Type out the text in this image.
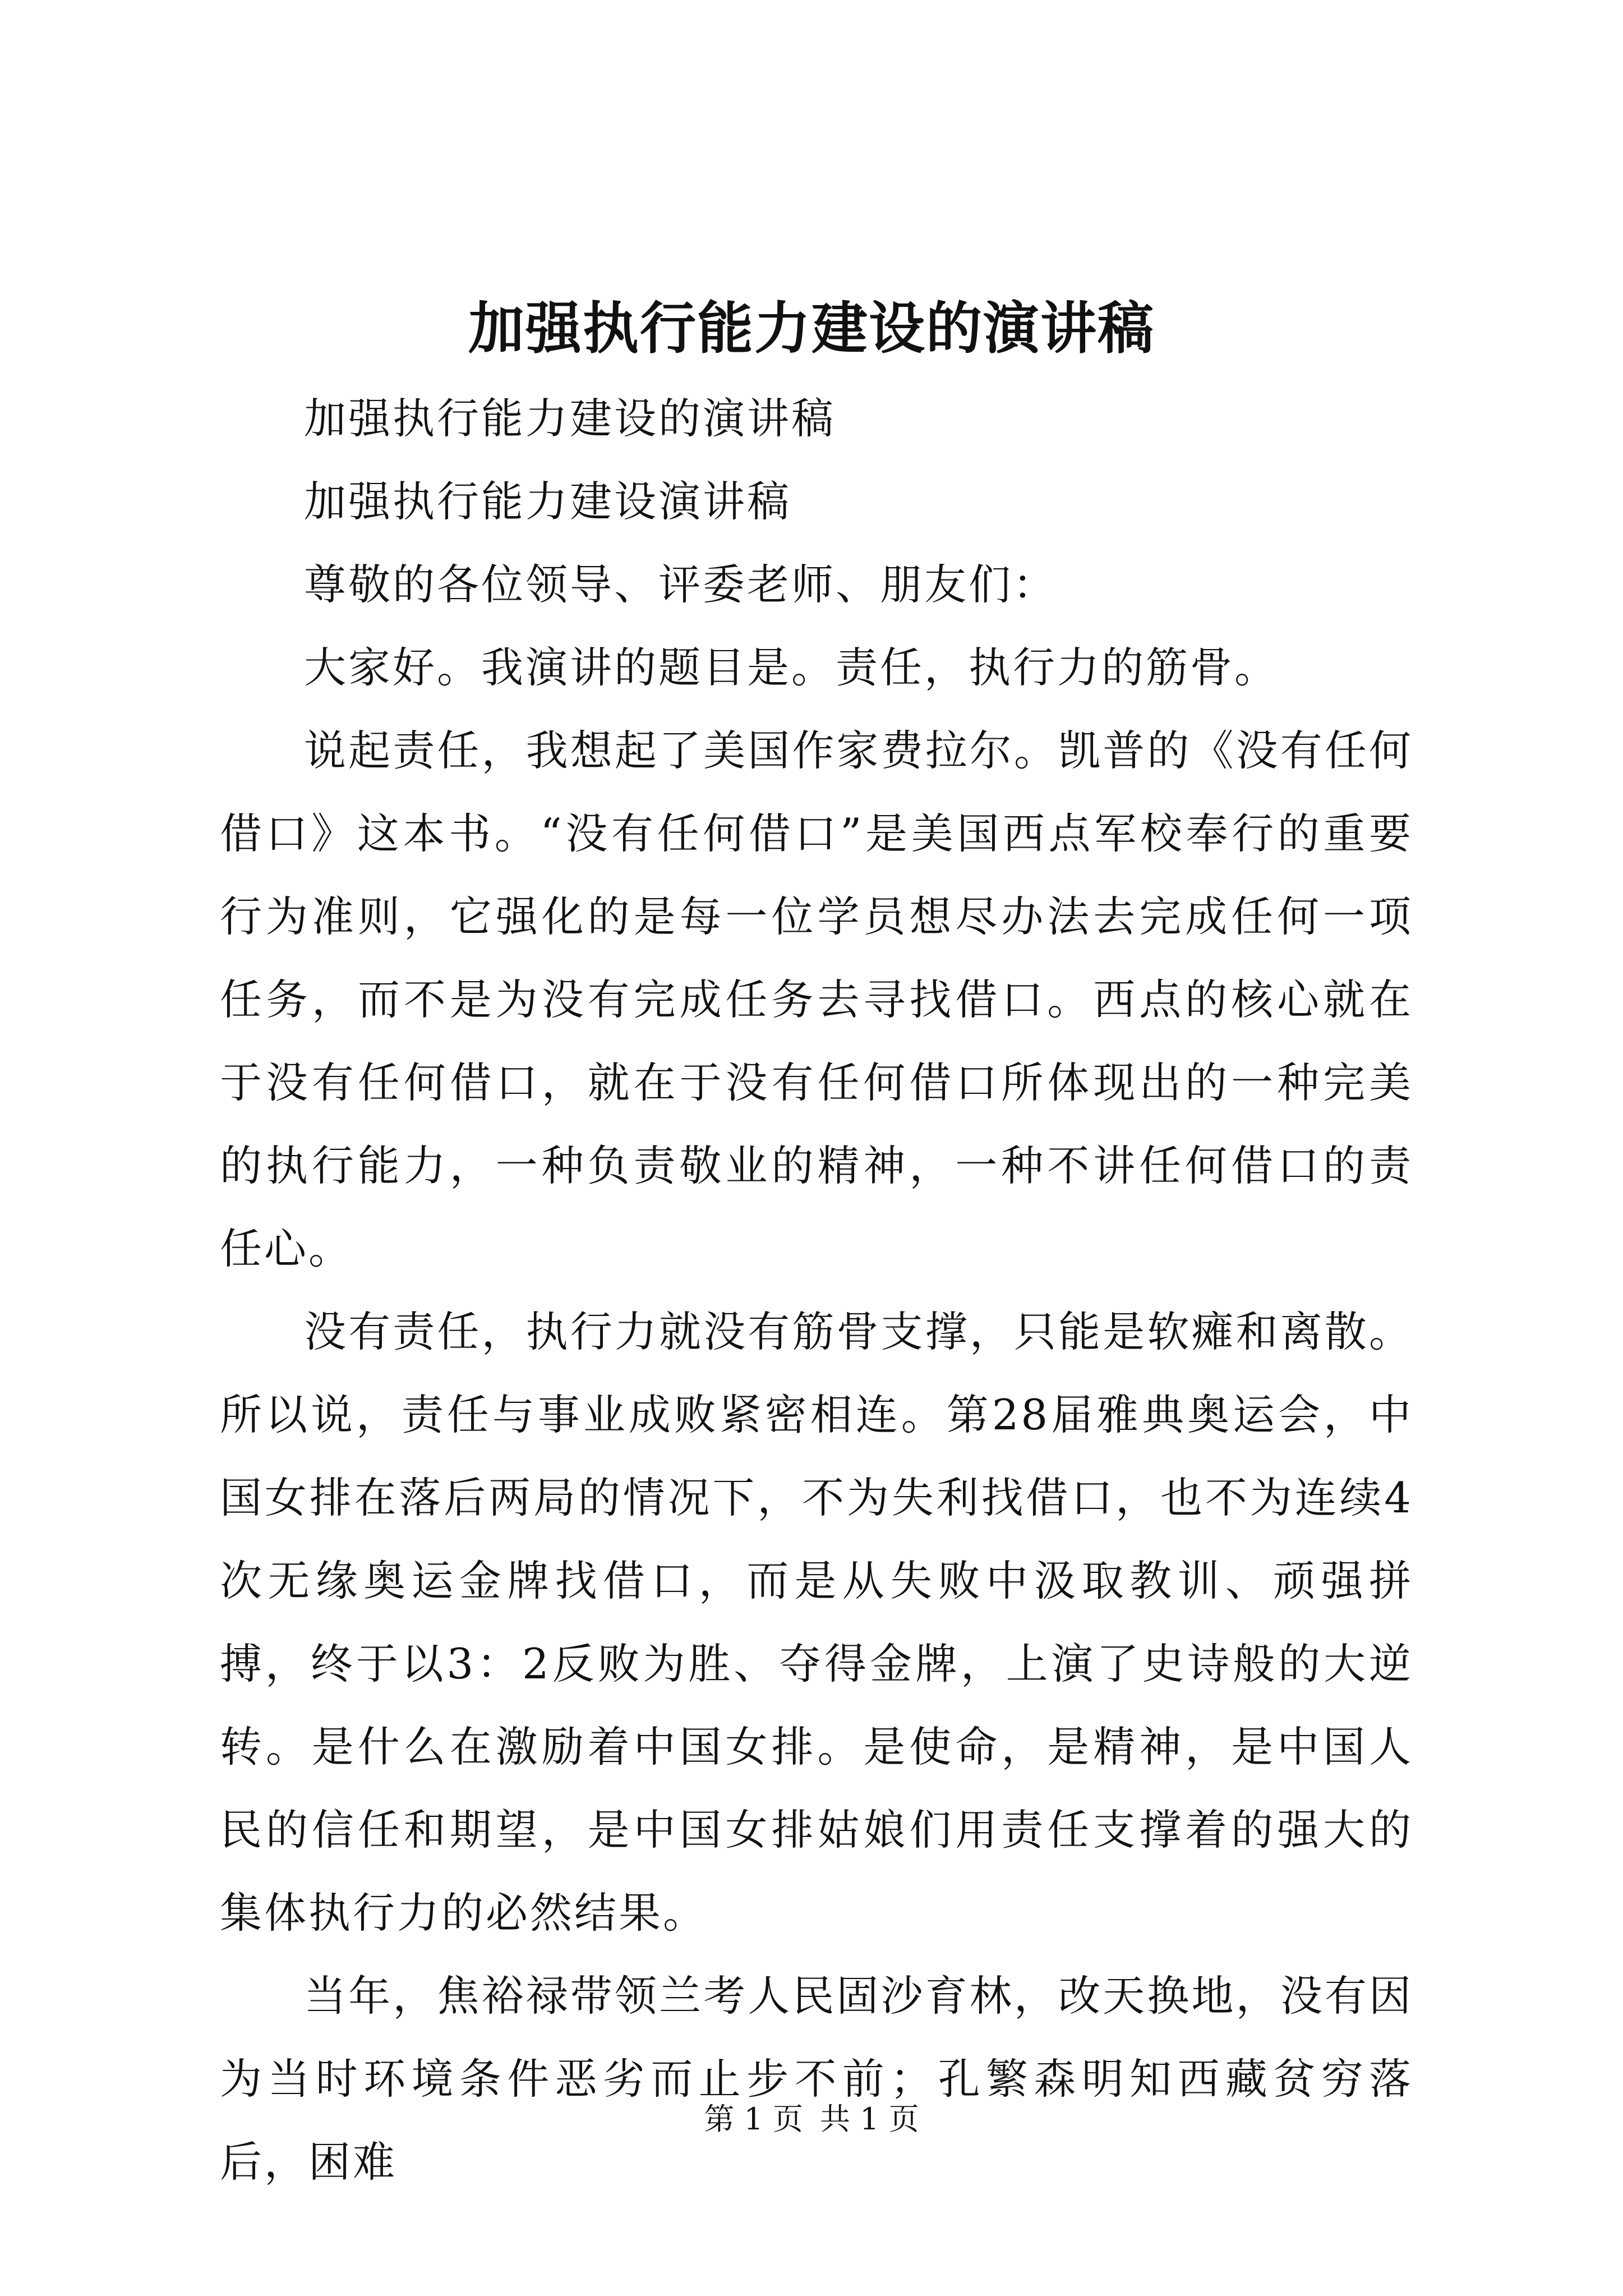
加强执行能力建设的演讲稿

加强执行能力建设的演讲稿

加强执行能力建设演讲稿

尊敬的各位领导、评委老师、朋友们：

大家好。我演讲的题目是。责任，执行力的筋骨。

说起责任，我想起了美国作家费拉尔。凯普的《没有任何借口》这本书。“没有任何借口”是美国西点军校奉行的重要行为准则，它强化的是每一位学员想尽办法去完成任何一项任务，而不是为没有完成任务去寻找借口。西点的核心就在于没有任何借口，就在于没有任何借口所体现出的一种完美的执行能力，一种负责敬业的精神，一种不讲任何借口的责任心。

没有责任，执行力就没有筋骨支撑，只能是软瘫和离散。所以说，责任与事业成败紧密相连。第28届雅典奥运会，中国女排在落后两局的情况下，不为失利找借口，也不为连续4次无缘奥运金牌找借口，而是从失败中汲取教训、顽强拼搏，终于以3：2反败为胜、夺得金牌，上演了史诗般的大逆转。是什么在激励着中国女排。是使命，是精神，是中国人民的信任和期望，是中国女排姑娘们用责任支撑着的强大的集体执行力的必然结果。

当年，焦裕禄带领兰考人民固沙育林，改天换地，没有因为当时环境条件恶劣而止步不前；孔繁森明知西藏贫穷落后，困难

第 1 页 共 1 页
